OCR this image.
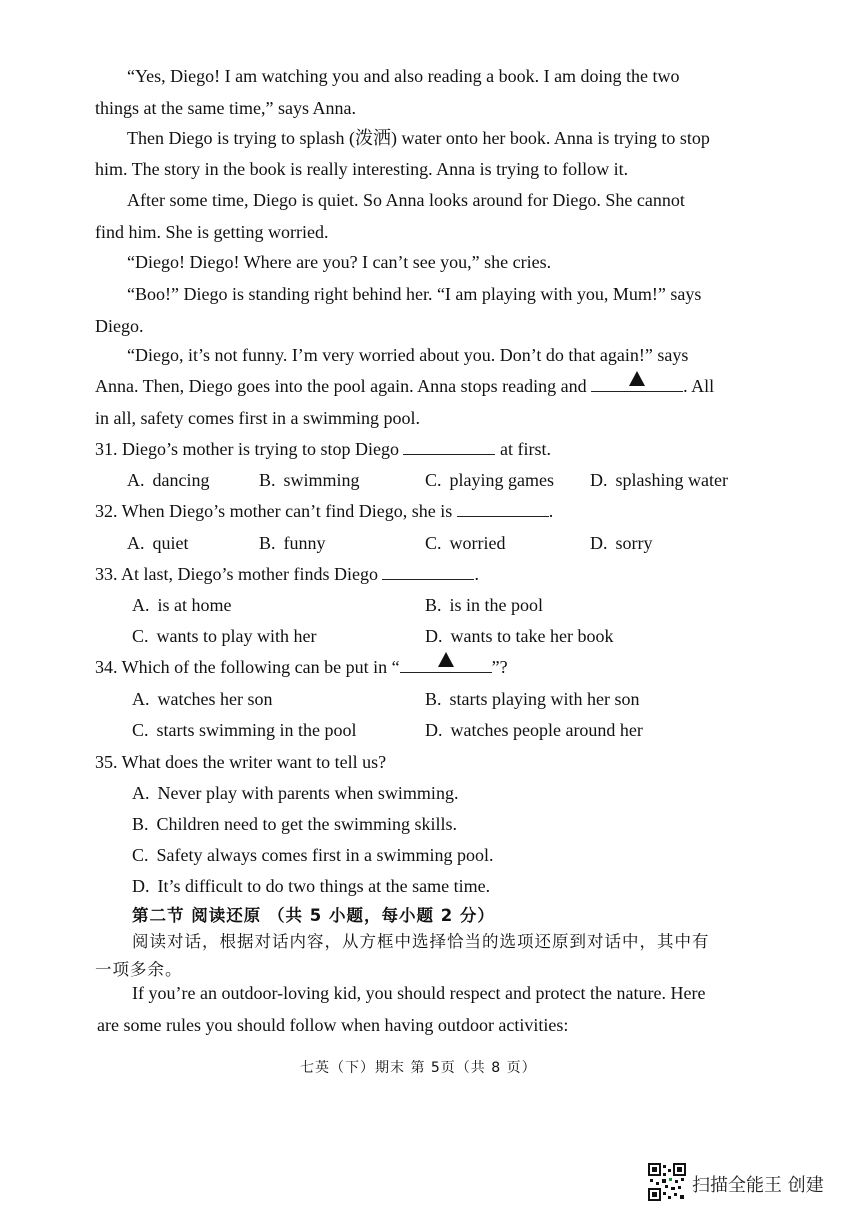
“Yes, Diego! I am watching you and also reading a book. I am doing the two
things at the same time,” says Anna.
Then Diego is trying to splash (泼洒) water onto her book. Anna is trying to stop
him. The story in the book is really interesting. Anna is trying to follow it.
After some time, Diego is quiet. So Anna looks around for Diego. She cannot
find him. She is getting worried.
“Diego! Diego! Where are you? I can’t see you,” she cries.
“Boo!” Diego is standing right behind her. “I am playing with you, Mum!” says
Diego.
“Diego, it’s not funny. I’m very worried about you. Don’t do that again!” says
Anna. Then, Diego goes into the pool again. Anna stops reading and	. All
in all, safety comes first in a swimming pool.
31. Diego’s mother is trying to stop Diego	at first.
A. dancing	B. swimming	C. playing games D. splashing water
32. When Diego’s mother can’t find Diego, she is	.
A. quiet	B. funny	C. worried	D. sorry
33. At last, Diego’s mother finds Diego	.
A. is at home	B. is in the pool
C. wants to play with her	D. wants to take her book
34. Which of the following can be put in “	”?
A. watches her son	B. starts playing with her son
C. starts swimming in the pool	D. watches people around her
35. What does the writer want to tell us?
A. Never play with parents when swimming.
B. Children need to get the swimming skills.
C. Safety always comes first in a swimming pool.
D. It’s difficult to do two things at the same time.
第二节 阅读还原 （共 5 小题，每小题 2 分）
阅读对话，根据对话内容，从方框中选择恰当的选项还原到对话中，其中有
一项多余。
If you’re an outdoor-loving kid, you should respect and protect the nature. Here
are some rules you should follow when having outdoor activities:
七英（下）期末 第 5页（共 8 页）
扫描全能王 创建
